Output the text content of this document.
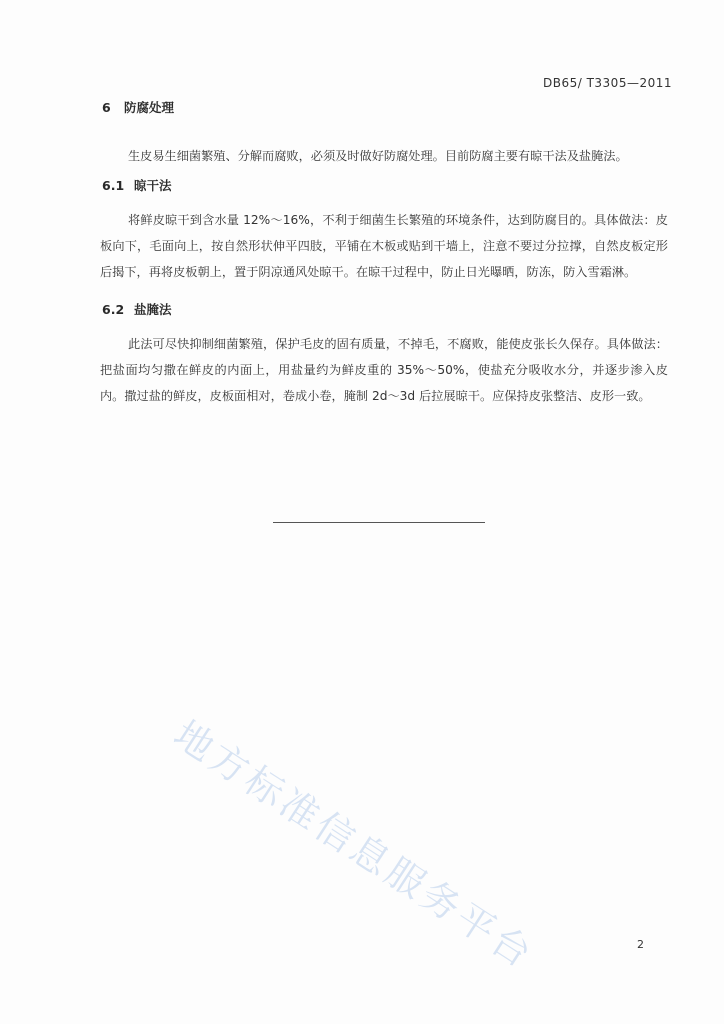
DB65/ T3305—2011
6 防腐处理
生皮易生细菌繁殖、分解而腐败，必须及时做好防腐处理。目前防腐主要有晾干法及盐腌法。
6.1 晾干法
将鲜皮晾干到含水量 12%～16%，不利于细菌生长繁殖的环境条件，达到防腐目的。具体做法：皮板向下，毛面向上，按自然形状伸平四肢，平铺在木板或贴到干墙上，注意不要过分拉撑，自然皮板定形后揭下，再将皮板朝上，置于阴凉通风处晾干。在晾干过程中，防止日光曝晒，防冻，防入雪霜淋。
6.2 盐腌法
此法可尽快抑制细菌繁殖，保护毛皮的固有质量，不掉毛，不腐败，能使皮张长久保存。具体做法：把盐面均匀撒在鲜皮的内面上，用盐量约为鲜皮重的 35%～50%，使盐充分吸收水分，并逐步渗入皮内。撒过盐的鲜皮，皮板面相对，卷成小卷，腌制 2d～3d 后拉展晾干。应保持皮张整洁、皮形一致。
地方标准信息服务平台	2
